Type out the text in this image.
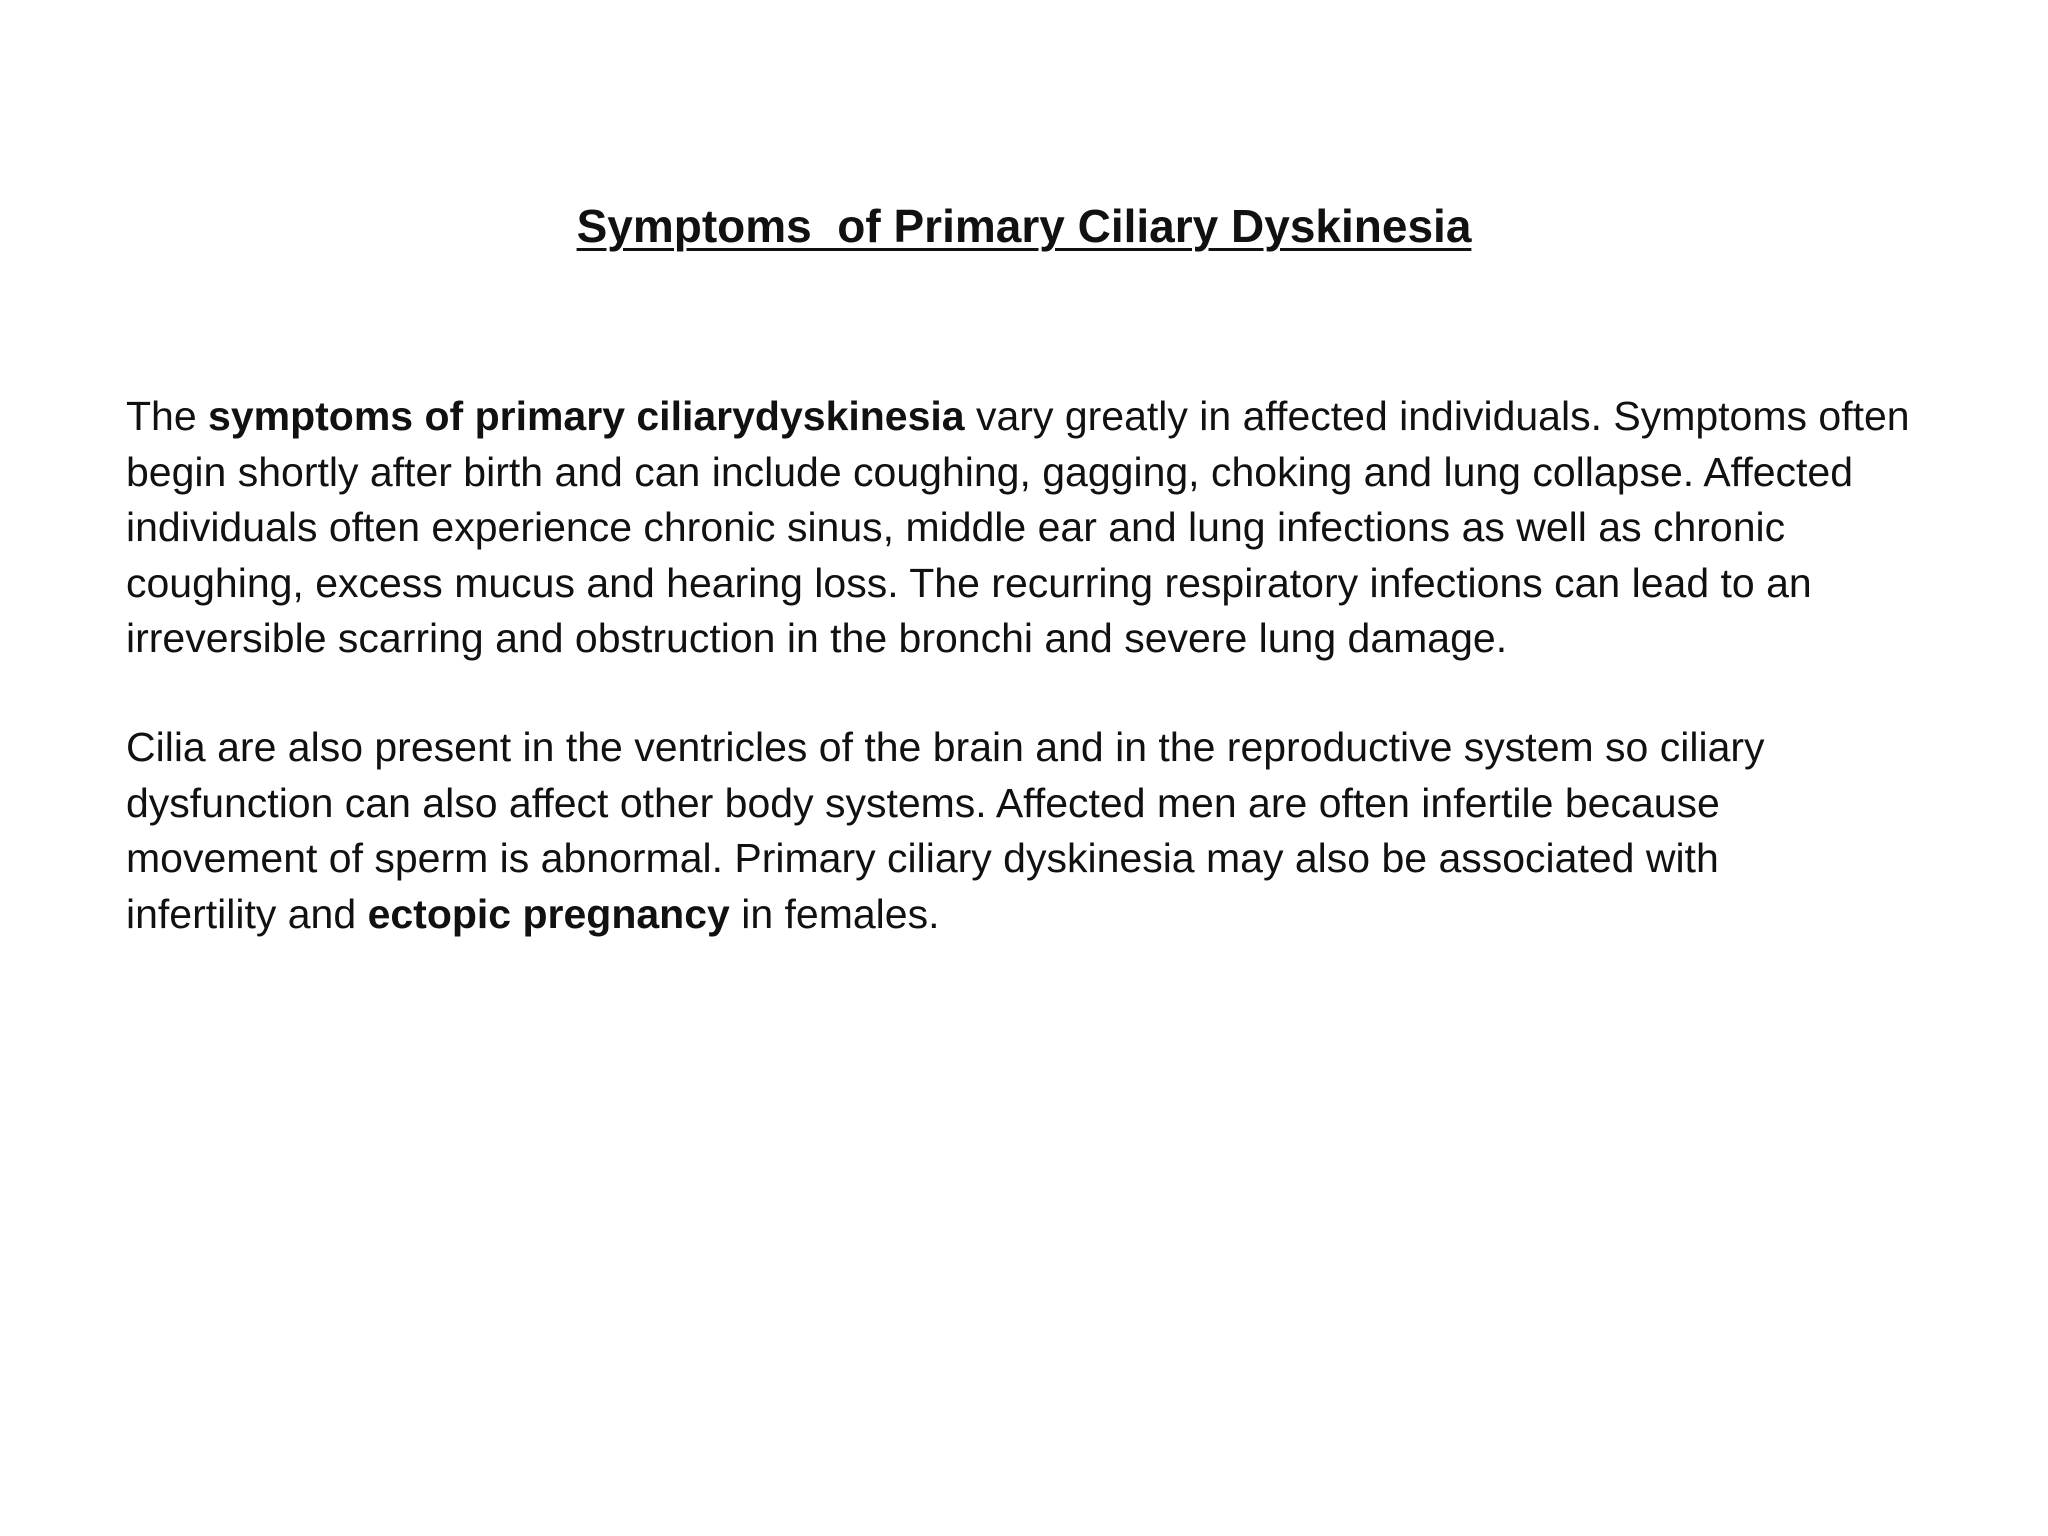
Symptoms  of Primary Ciliary Dyskinesia

The symptoms of primary ciliarydyskinesia vary greatly in affected individuals. Symptoms often
begin shortly after birth and can include coughing, gagging, choking and lung collapse. Affected
individuals often experience chronic sinus, middle ear and lung infections as well as chronic
coughing, excess mucus and hearing loss. The recurring respiratory infections can lead to an
irreversible scarring and obstruction in the bronchi and severe lung damage.

Cilia are also present in the ventricles of the brain and in the reproductive system so ciliary
dysfunction can also affect other body systems. Affected men are often infertile because
movement of sperm is abnormal. Primary ciliary dyskinesia may also be associated with
infertility and ectopic pregnancy in females.
